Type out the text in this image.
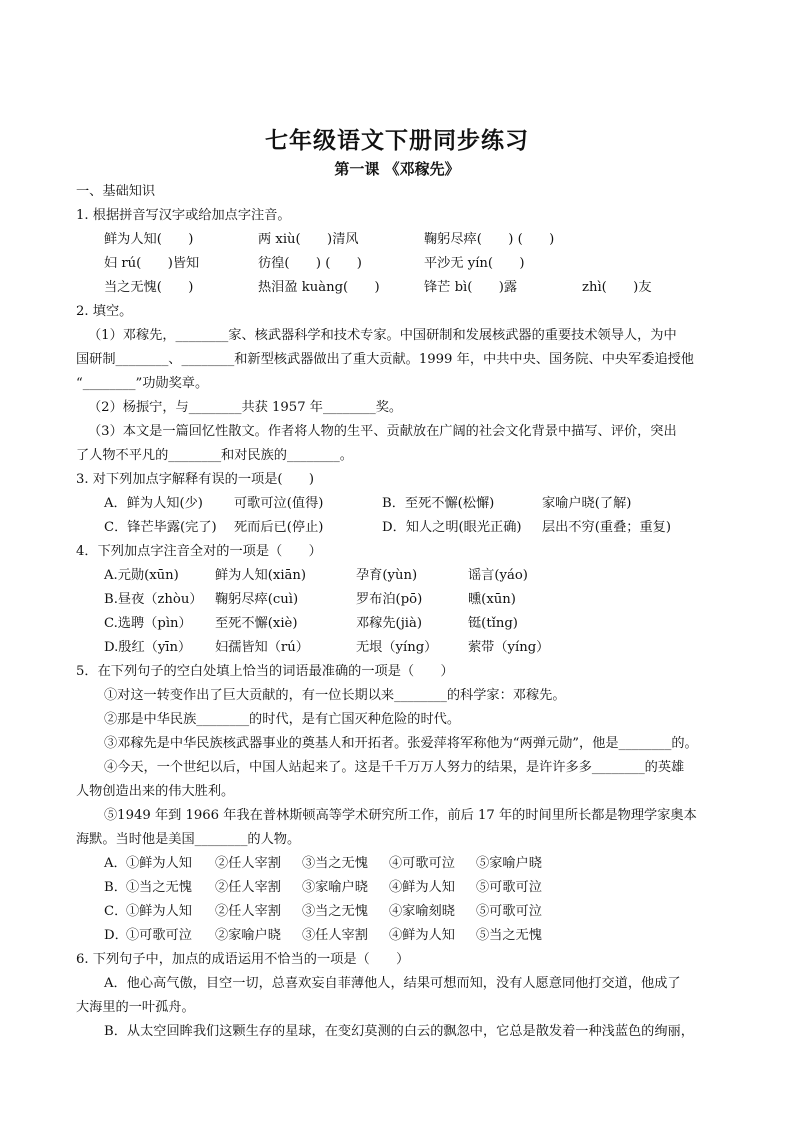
七年级语文下册同步练习
第一课 《邓稼先》
一、基础知识
1. 根据拼音写汉字或给加点字注音。
鲜为人知(　　)	两 xiù(　　)清风	鞠躬尽瘁(　　) (　　)
妇 rú(　　)皆知	彷徨(　　) (　　)	平沙无 yín(　　)
当之无愧(　　)	热泪盈 kuàng(　　)	锋芒 bì(　　)露	zhì(　　)友
2. 填空。
（1）邓稼先，________家、核武器科学和技术专家。中国研制和发展核武器的重要技术领导人，为中
国研制________、________和新型核武器做出了重大贡献。1999 年，中共中央、国务院、中央军委追授他
“________”功勋奖章。
（2）杨振宁，与________共获 1957 年________奖。
（3）本文是一篇回忆性散文。作者将人物的生平、贡献放在广阔的社会文化背景中描写、评价，突出
了人物不平凡的________和对民族的________。
3. 对下列加点字解释有误的一项是(　　)
A．鲜为人知(少) 可歌可泣(值得)	B．至死不懈(松懈)	家喻户晓(了解)
C．锋芒毕露(完了) 死而后已(停止)	D．知人之明(眼光正确) 层出不穷(重叠；重复)
4．下列加点字注音全对的一项是（　　）
A.元勋(xūn)	鲜为人知(xiān)	孕育(yùn)	谣言(yáo)
B.昼夜（zhòu） 鞠躬尽瘁(cuì)	罗布泊(pō)	曛(xūn)
C.选聘（pìn） 至死不懈(xiè)	邓稼先(jià)	铤(tǐng)
D.殷红（yīn） 妇孺皆知（rú）	无垠（yíng） 萦带（yíng）
5．在下列句子的空白处填上恰当的词语最准确的一项是（　　）
①对这一转变作出了巨大贡献的，有一位长期以来________的科学家：邓稼先。
②那是中华民族________的时代，是有亡国灭种危险的时代。
③邓稼先是中华民族核武器事业的奠基人和开拓者。张爱萍将军称他为“两弹元勋”，他是________的。
④今天，一个世纪以后，中国人站起来了。这是千千万万人努力的结果，是许许多多________的英雄
人物创造出来的伟大胜利。
⑤1949 年到 1966 年我在普林斯顿高等学术研究所工作，前后 17 年的时间里所长都是物理学家奥本
海默。当时他是美国________的人物。
A． ①鲜为人知 ②任人宰割 ③当之无愧 ④可歌可泣 ⑤家喻户晓
B． ①当之无愧 ②任人宰割 ③家喻户晓 ④鲜为人知 ⑤可歌可泣
C．
①鲜为人知 ②任人宰割 ③当之无愧 ④家喻刻晓 ⑤可歌可泣
D．
①可歌可泣 ②家喻户晓 ③任人宰割 ④鲜为人知 ⑤当之无愧
6. 下列句子中，加点的成语运用不恰当的一项是（　　）
A．他心高气傲，目空一切，总喜欢妄自菲薄他人，结果可想而知，没有人愿意同他打交道，他成了
大海里的一叶孤舟。
B．从太空回眸我们这颗生存的星球，在变幻莫测的白云的飘忽中，它总是散发着一种浅蓝色的绚丽，
